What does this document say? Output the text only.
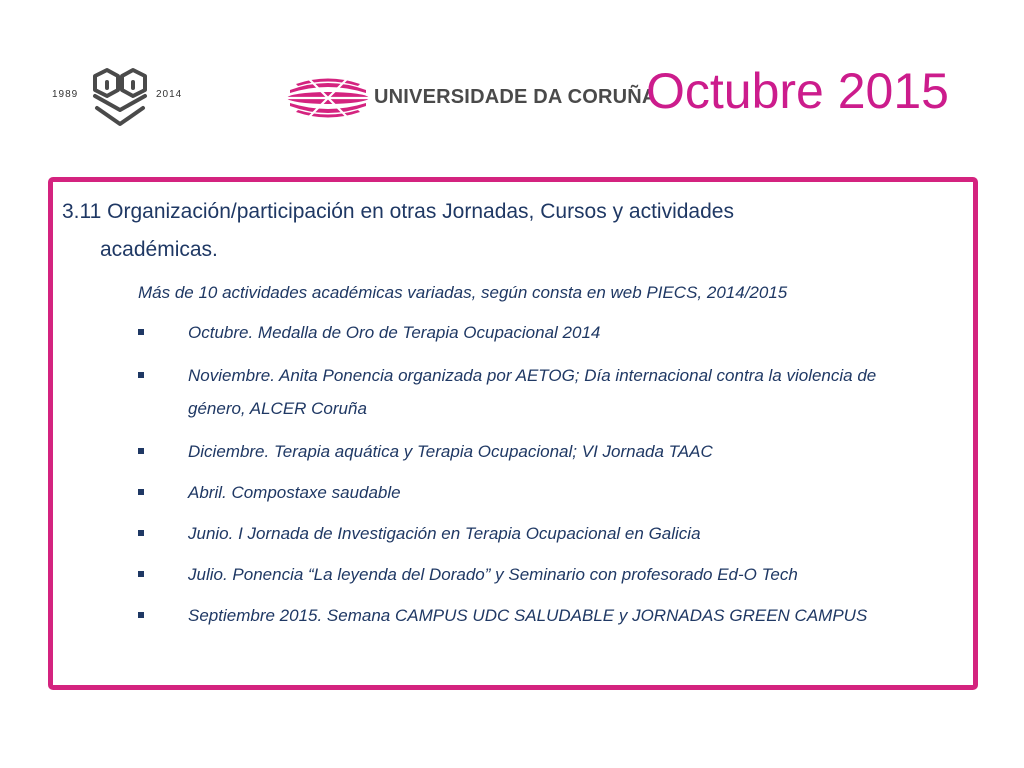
1989	2014	UNIVERSIDADE DA CORUÑA
Octubre 2015
3.11 Organización/participación en otras Jornadas, Cursos y actividades
académicas.
Más de 10 actividades académicas variadas, según consta en web PIECS, 2014/2015
Octubre. Medalla de Oro de Terapia Ocupacional 2014
Noviembre. Anita Ponencia organizada por AETOG; Día internacional contra la violencia de género, ALCER Coruña
Diciembre. Terapia aquática y Terapia Ocupacional; VI Jornada TAAC
Abril. Compostaxe saudable
Junio. I Jornada de Investigación en Terapia Ocupacional en Galicia
Julio. Ponencia “La leyenda del Dorado” y Seminario con profesorado Ed-O Tech
Septiembre 2015. Semana CAMPUS UDC SALUDABLE y JORNADAS GREEN CAMPUS
